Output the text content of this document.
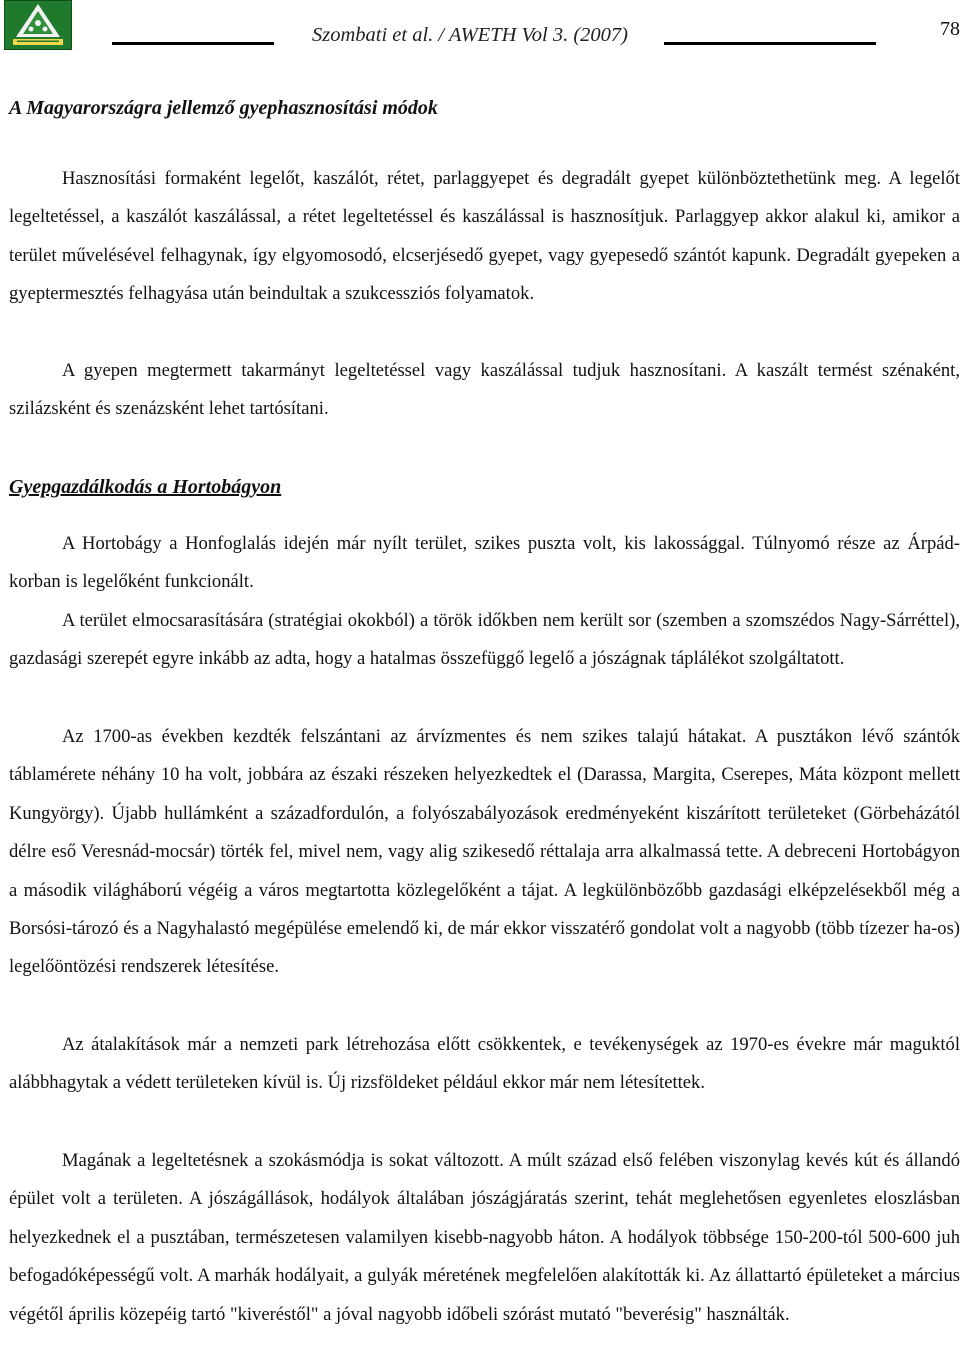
Szombati et al. / AWETH Vol 3. (2007)	78
A Magyarországra jellemző gyephasznosítási módok

Hasznosítási formaként legelőt, kaszálót, rétet, parlaggyepet és degradált gyepet különböztethetünk meg. A legelőt legeltetéssel, a kaszálót kaszálással, a rétet legeltetéssel és kaszálással is hasznosítjuk. Parlaggyep akkor alakul ki, amikor a terület művelésével felhagynak, így elgyomosodó, elcserjésedő gyepet, vagy gyepesedő szántót kapunk. Degradált gyepeken a gyeptermesztés felhagyása után beindultak a szukcessziós folyamatok.

A gyepen megtermett takarmányt legeltetéssel vagy kaszálással tudjuk hasznosítani. A kaszált termést szénaként, szilázsként és szenázsként lehet tartósítani.

Gyepgazdálkodás a Hortobágyon

A Hortobágy a Honfoglalás idején már nyílt terület, szikes puszta volt, kis lakossággal. Túlnyomó része az Árpád-korban is legelőként funkcionált.

A terület elmocsarasítására (stratégiai okokból) a török időkben nem került sor (szemben a szomszédos Nagy-Sárréttel), gazdasági szerepét egyre inkább az adta, hogy a hatalmas összefüggő legelő a jószágnak táplálékot szolgáltatott.

Az 1700-as években kezdték felszántani az árvízmentes és nem szikes talajú hátakat. A pusztákon lévő szántók táblamérete néhány 10 ha volt, jobbára az északi részeken helyezkedtek el (Darassa, Margita, Cserepes, Máta központ mellett Kungyörgy). Újabb hullámként a századfordulón, a folyószabályozások eredményeként kiszárított területeket (Görbeházától délre eső Veresnád-mocsár) törték fel, mivel nem, vagy alig szikesedő réttalaja arra alkalmassá tette. A debreceni Hortobágyon a második világháború végéig a város megtartotta közlegelőként a tájat. A legkülönbözőbb gazdasági elképzelésekből még a Borsósi-tározó és a Nagyhalastó megépülése emelendő ki, de már ekkor visszatérő gondolat volt a nagyobb (több tízezer ha-os) legelőöntözési rendszerek létesítése.

Az átalakítások már a nemzeti park létrehozása előtt csökkentek, e tevékenységek az 1970-es évekre már maguktól alábbhagytak a védett területeken kívül is. Új rizsföldeket például ekkor már nem létesítettek.

Magának a legeltetésnek a szokásmódja is sokat változott. A múlt század első felében viszonylag kevés kút és állandó épület volt a területen. A jószágállások, hodályok általában jószágjáratás szerint, tehát meglehetősen egyenletes eloszlásban helyezkednek el a pusztában, természetesen valamilyen kisebb-nagyobb háton. A hodályok többsége 150-200-tól 500-600 juh befogadóképességű volt. A marhák hodályait, a gulyák méretének megfelelően alakították ki. Az állattartó épületeket a március végétől április közepéig tartó "kiveréstől" a jóval nagyobb időbeli szórást mutató "beverésig" használták.
